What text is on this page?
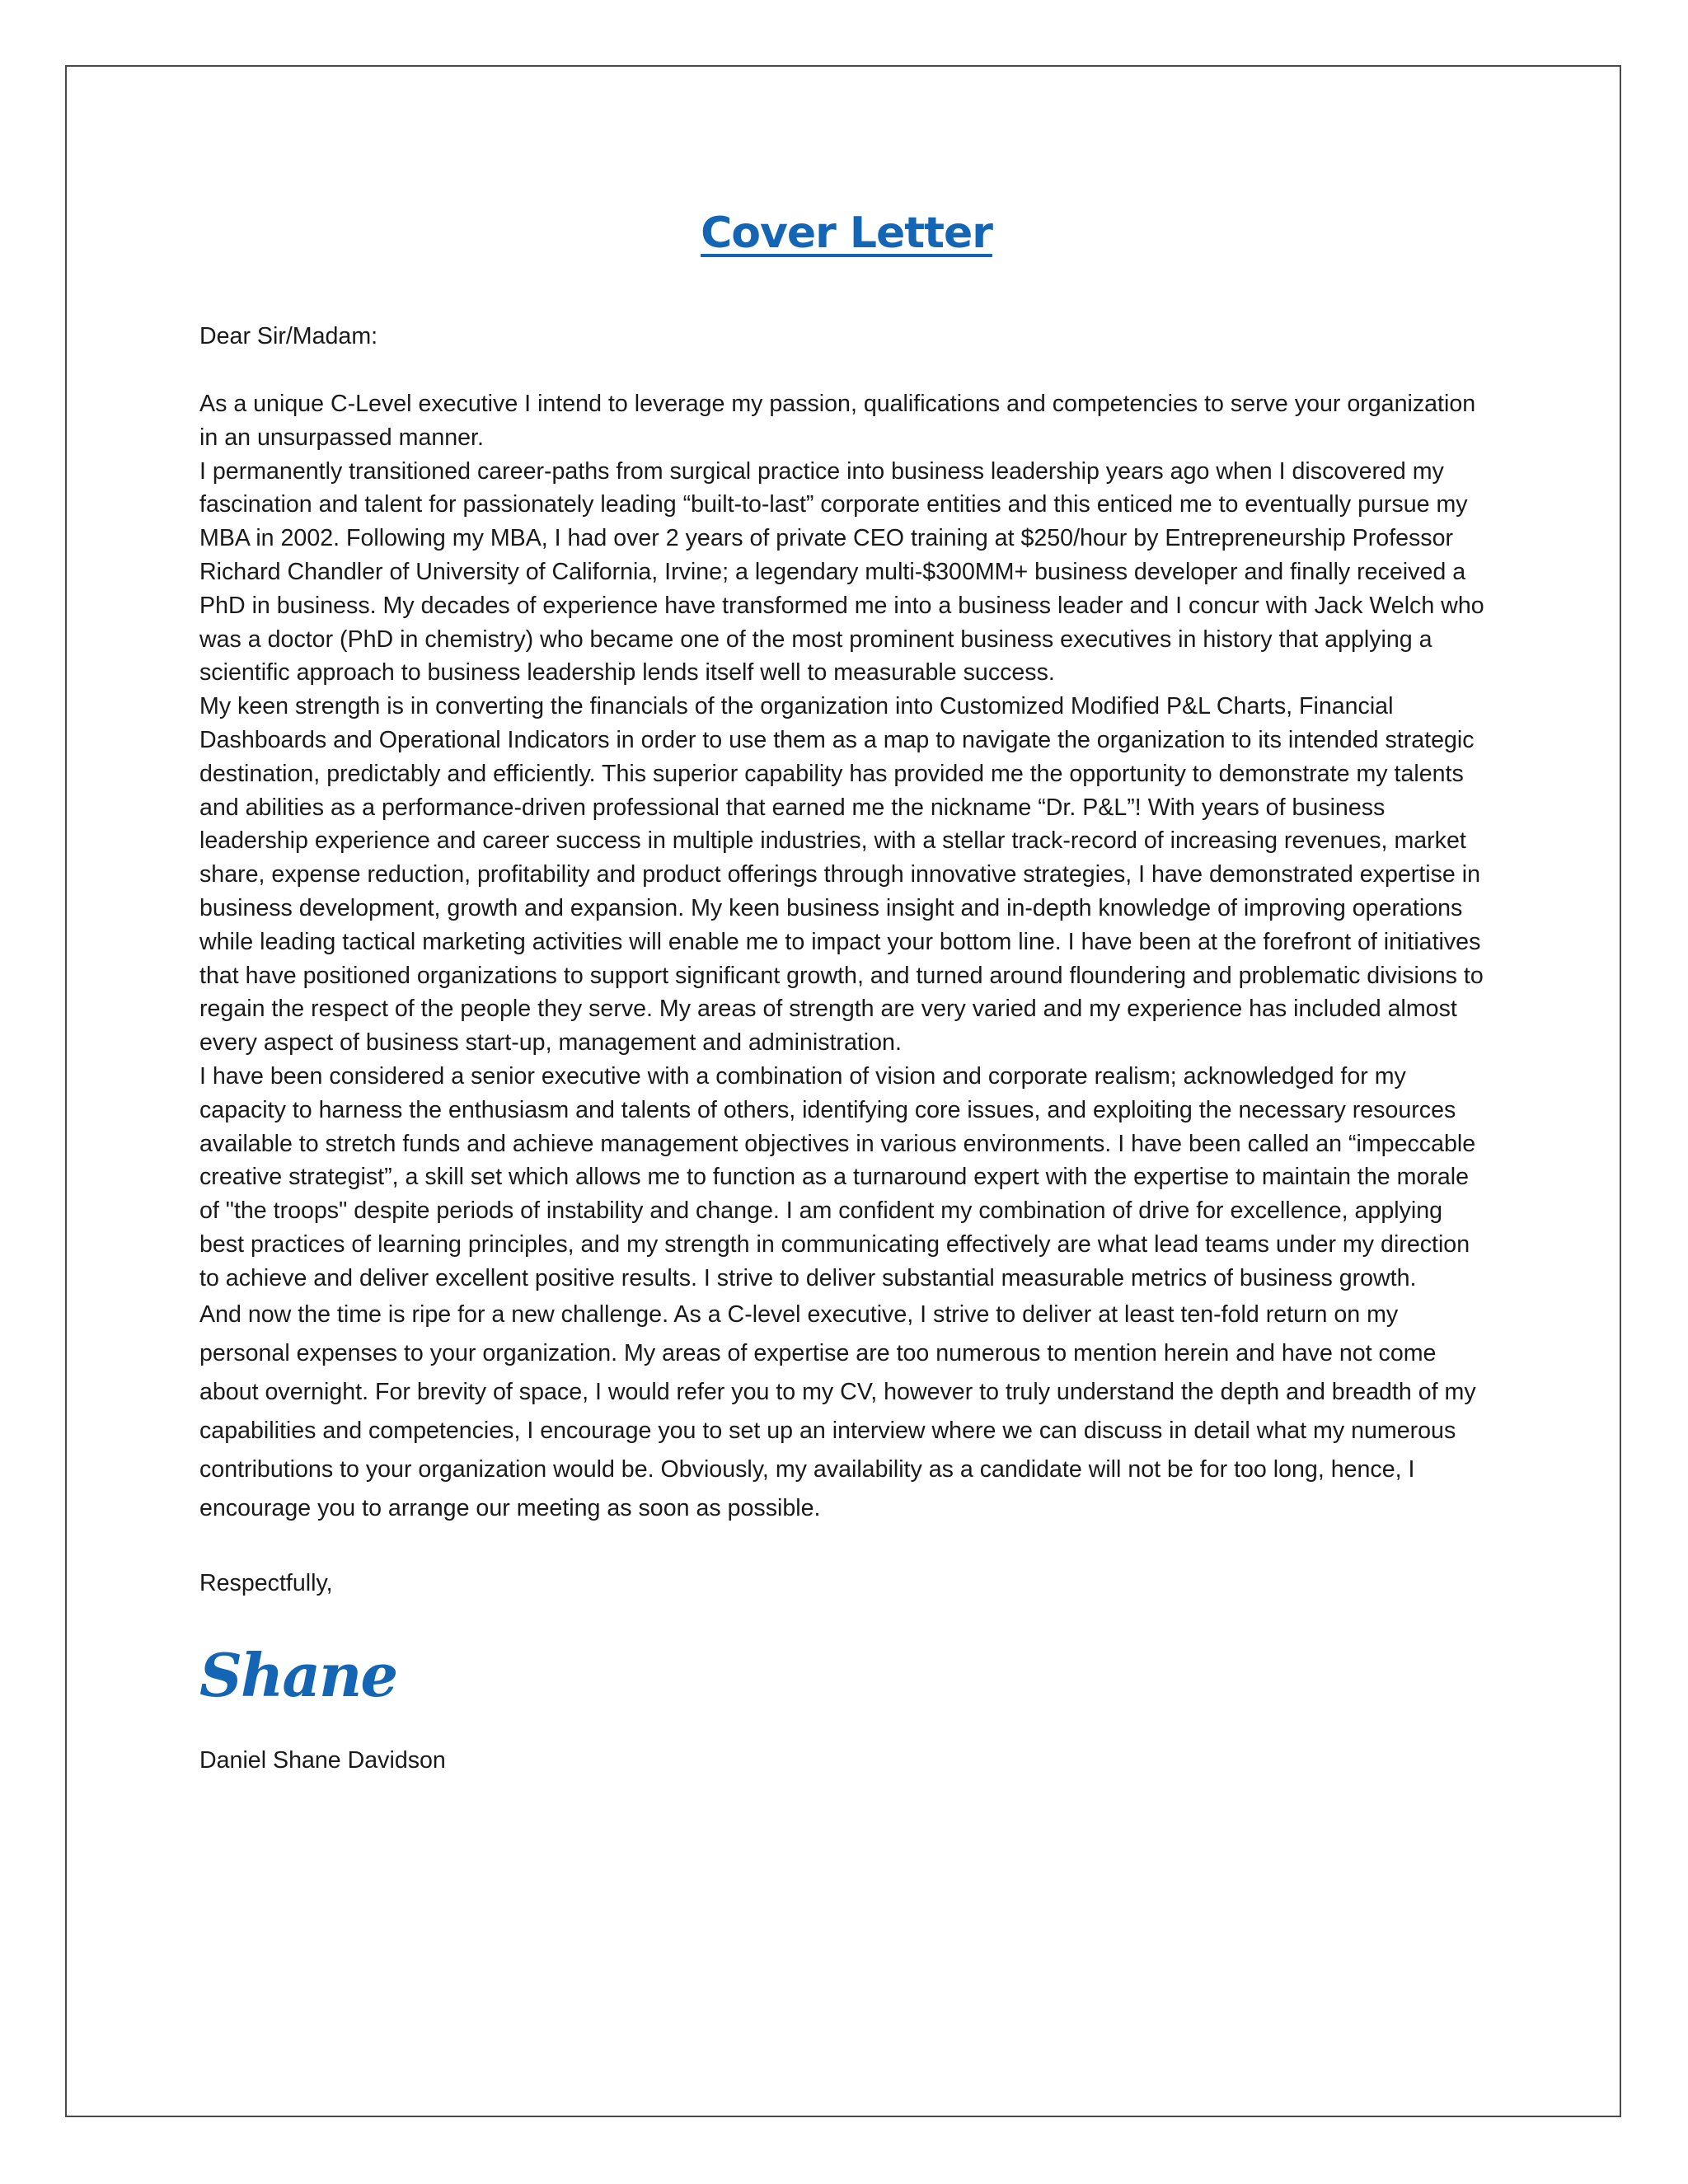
Cover Letter
Dear Sir/Madam:

As a unique C-Level executive I intend to leverage my passion, qualifications and competencies to serve your organization in an unsurpassed manner.

I permanently transitioned career-paths from surgical practice into business leadership years ago when I discovered my fascination and talent for passionately leading “built-to-last” corporate entities and this enticed me to eventually pursue my MBA in 2002. Following my MBA, I had over 2 years of private CEO training at $250/hour by Entrepreneurship Professor Richard Chandler of University of California, Irvine; a legendary multi-$300MM+ business developer and finally received a PhD in business. My decades of experience have transformed me into a business leader and I concur with Jack Welch who was a doctor (PhD in chemistry) who became one of the most prominent business executives in history that applying a scientific approach to business leadership lends itself well to measurable success.

My keen strength is in converting the financials of the organization into Customized Modified P&L Charts, Financial Dashboards and Operational Indicators in order to use them as a map to navigate the organization to its intended strategic destination, predictably and efficiently. This superior capability has provided me the opportunity to demonstrate my talents and abilities as a performance-driven professional that earned me the nickname “Dr. P&L”! With years of business leadership experience and career success in multiple industries, with a stellar track-record of increasing revenues, market share, expense reduction, profitability and product offerings through innovative strategies, I have demonstrated expertise in business development, growth and expansion. My keen business insight and in-depth knowledge of improving operations while leading tactical marketing activities will enable me to impact your bottom line. I have been at the forefront of initiatives that have positioned organizations to support significant growth, and turned around floundering and problematic divisions to regain the respect of the people they serve. My areas of strength are very varied and my experience has included almost every aspect of business start-up, management and administration.

I have been considered a senior executive with a combination of vision and corporate realism; acknowledged for my capacity to harness the enthusiasm and talents of others, identifying core issues, and exploiting the necessary resources available to stretch funds and achieve management objectives in various environments. I have been called an “impeccable creative strategist”, a skill set which allows me to function as a turnaround expert with the expertise to maintain the morale of "the troops" despite periods of instability and change. I am confident my combination of drive for excellence, applying best practices of learning principles, and my strength in communicating effectively are what lead teams under my direction to achieve and deliver excellent positive results. I strive to deliver substantial measurable metrics of business growth.

And now the time is ripe for a new challenge. As a C-level executive, I strive to deliver at least ten-fold return on my personal expenses to your organization. My areas of expertise are too numerous to mention herein and have not come about overnight. For brevity of space, I would refer you to my CV, however to truly understand the depth and breadth of my capabilities and competencies, I encourage you to set up an interview where we can discuss in detail what my numerous contributions to your organization would be. Obviously, my availability as a candidate will not be for too long, hence, I encourage you to arrange our meeting as soon as possible.

Respectfully,
Shane
Daniel Shane Davidson
